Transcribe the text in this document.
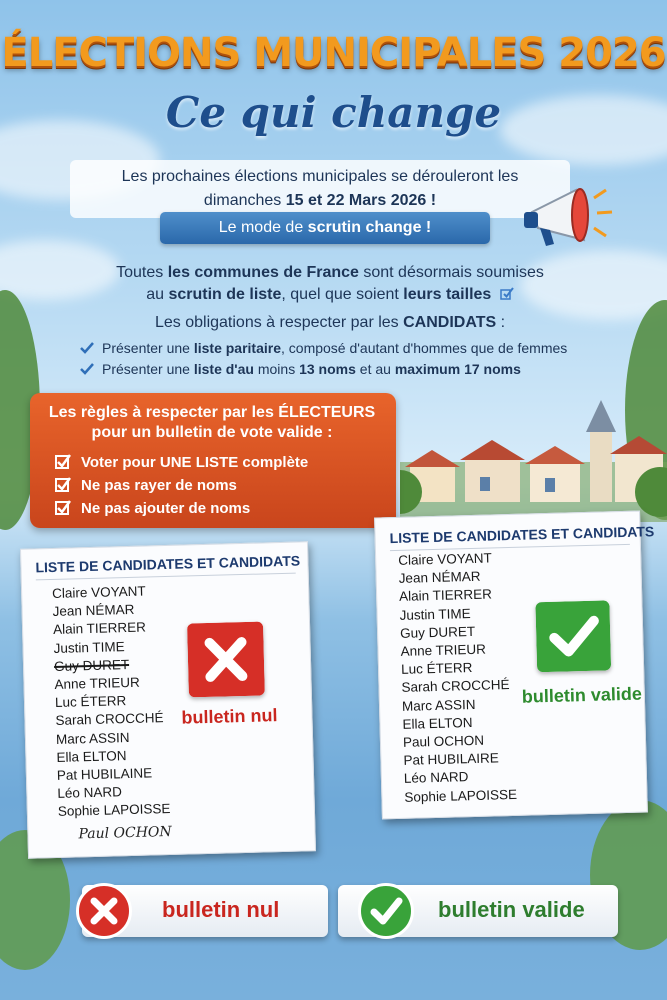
ÉLECTIONS MUNICIPALES 2026
Ce qui change
Les prochaines élections municipales se dérouleront les
dimanches 15 et 22 Mars 2026 !
Le mode de scrutin change !
Toutes les communes de France sont désormais soumises
au scrutin de liste, quel que soient leurs tailles
Les obligations à respecter par les CANDIDATS :
Présenter une liste paritaire, composé d'autant d'hommes que de femmes
Présenter une liste d'au moins 13 noms et au maximum 17 noms
Les règles à respecter par les ÉLECTEURS
pour un bulletin de vote valide :
Voter pour UNE LISTE complète
Ne pas rayer de noms
Ne pas ajouter de noms
LISTE DE CANDIDATES ET CANDIDATS
Claire VOYANT
Jean NÉMAR
Alain TIERRER
Justin TIME
Guy DURET
Anne TRIEUR
Luc ÉTERR
Sarah CROCCHÉ
Marc ASSIN
Ella ELTON
Pat HUBILAINE
Léo NARD
Sophie LAPOISSE
Paul OCHON
bulletin nul
LISTE DE CANDIDATES ET CANDIDATS
Claire VOYANT
Jean NÉMAR
Alain TIERRER
Justin TIME
Guy DURET
Anne TRIEUR
Luc ÉTERR
Sarah CROCCHÉ
Marc ASSIN
Ella ELTON
Paul OCHON
Pat HUBILAIRE
Léo NARD
Sophie LAPOISSE
bulletin valide
bulletin nul	bulletin valide
